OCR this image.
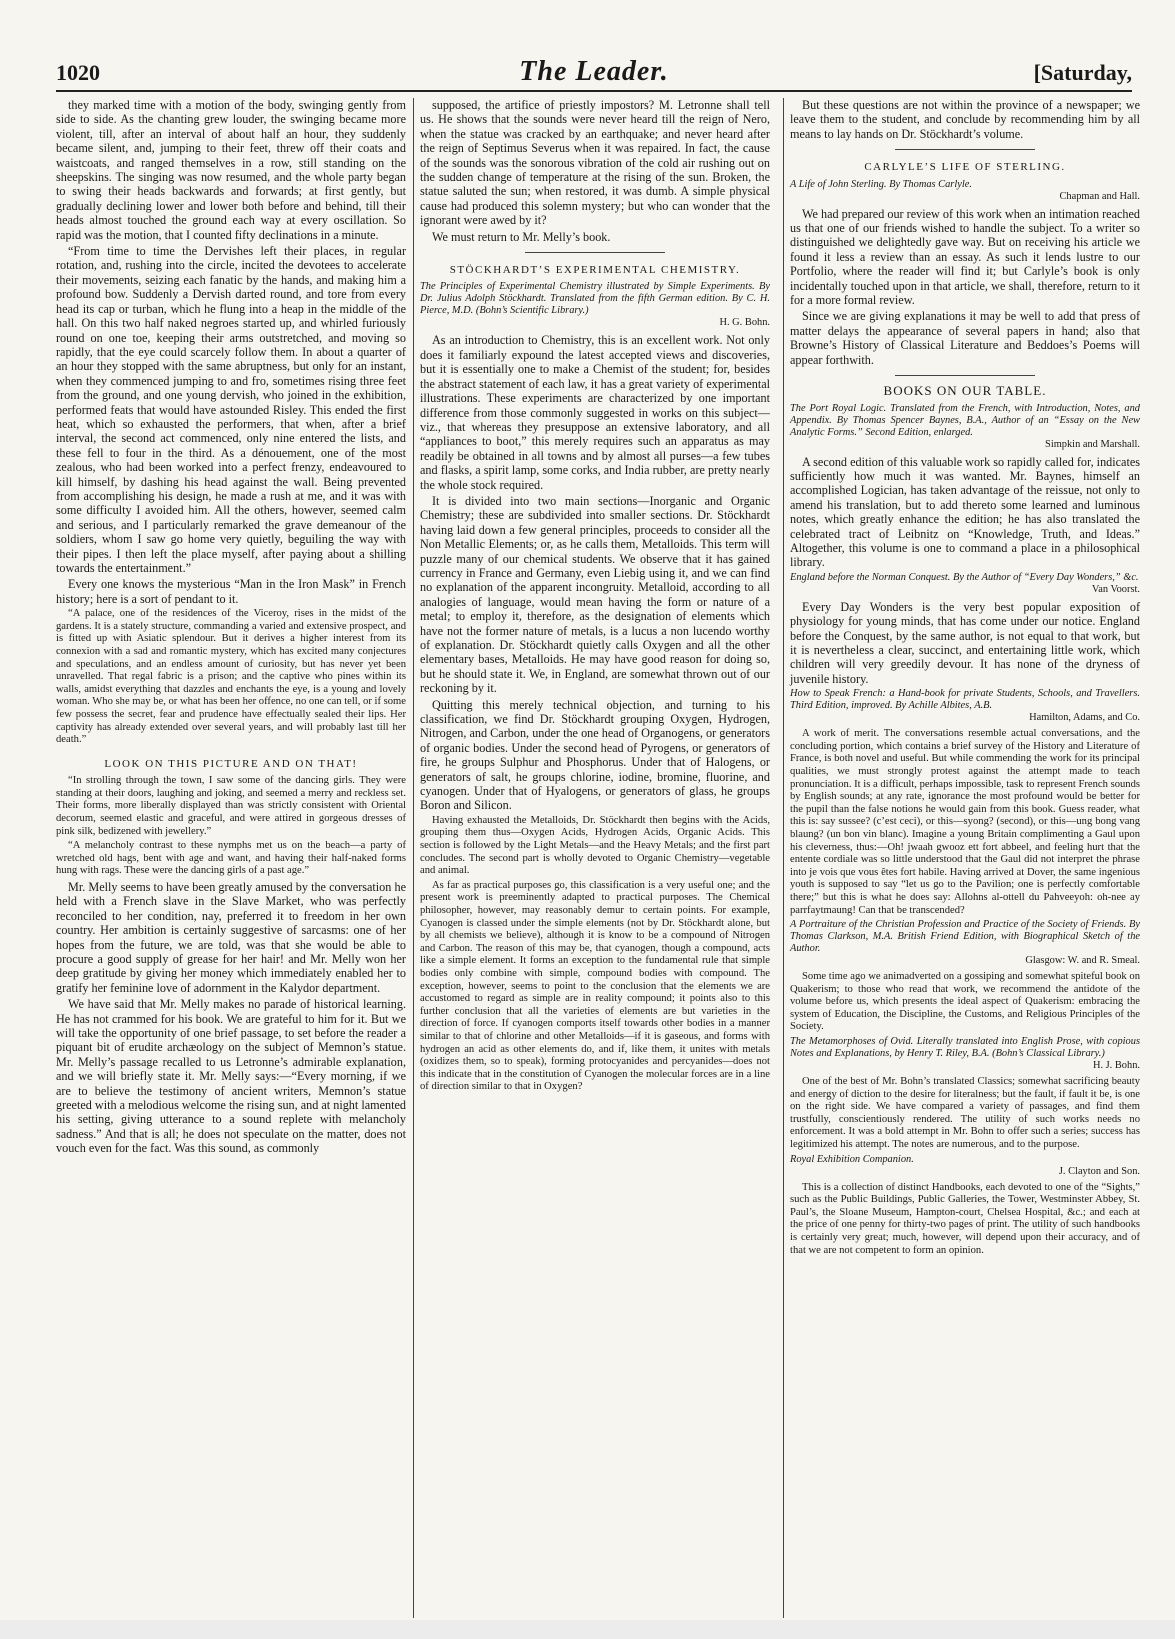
1020	The Leader.	[Saturday,

they marked time with a motion of the body, swinging gently from side to side. As the chanting grew louder, the swinging became more violent, till, after an interval of about half an hour, they suddenly became silent, and, jumping to their feet, threw off their coats and waistcoats, and ranged themselves in a row, still standing on the sheepskins. The singing was now resumed, and the whole party began to swing their heads backwards and forwards; at first gently, but gradually declining lower and lower both before and behind, till their heads almost touched the ground each way at every oscillation. So rapid was the motion, that I counted fifty declinations in a minute.

“From time to time the Dervishes left their places, in regular rotation, and, rushing into the circle, incited the devotees to accelerate their movements, seizing each fanatic by the hands, and making him a profound bow. Suddenly a Dervish darted round, and tore from every head its cap or turban, which he flung into a heap in the middle of the hall. On this two half naked negroes started up, and whirled furiously round on one toe, keeping their arms outstretched, and moving so rapidly, that the eye could scarcely follow them. In about a quarter of an hour they stopped with the same abruptness, but only for an instant, when they commenced jumping to and fro, sometimes rising three feet from the ground, and one young dervish, who joined in the exhibition, performed feats that would have astounded Risley. This ended the first heat, which so exhausted the performers, that when, after a brief interval, the second act commenced, only nine entered the lists, and these fell to four in the third. As a dénouement, one of the most zealous, who had been worked into a perfect frenzy, endeavoured to kill himself, by dashing his head against the wall. Being prevented from accomplishing his design, he made a rush at me, and it was with some difficulty I avoided him. All the others, however, seemed calm and serious, and I particularly remarked the grave demeanour of the soldiers, whom I saw go home very quietly, beguiling the way with their pipes. I then left the place myself, after paying about a shilling towards the entertainment.”

Every one knows the mysterious “Man in the Iron Mask” in French history; here is a sort of pendant to it.

“A palace, one of the residences of the Viceroy, rises in the midst of the gardens. It is a stately structure, commanding a varied and extensive prospect, and is fitted up with Asiatic splendour. But it derives a higher interest from its connexion with a sad and romantic mystery, which has excited many conjectures and speculations, and an endless amount of curiosity, but has never yet been unravelled. That regal fabric is a prison; and the captive who pines within its walls, amidst everything that dazzles and enchants the eye, is a young and lovely woman. Who she may be, or what has been her offence, no one can tell, or if some few possess the secret, fear and prudence have effectually sealed their lips. Her captivity has already extended over several years, and will probably last till her death.”

LOOK ON THIS PICTURE AND ON THAT!

“In strolling through the town, I saw some of the dancing girls. They were standing at their doors, laughing and joking, and seemed a merry and reckless set. Their forms, more liberally displayed than was strictly consistent with Oriental decorum, seemed elastic and graceful, and were attired in gorgeous dresses of pink silk, bedizened with jewellery.”

“A melancholy contrast to these nymphs met us on the beach—a party of wretched old hags, bent with age and want, and having their half-naked forms hung with rags. These were the dancing girls of a past age.”

Mr. Melly seems to have been greatly amused by the conversation he held with a French slave in the Slave Market, who was perfectly reconciled to her condition, nay, preferred it to freedom in her own country. Her ambition is certainly suggestive of sarcasms: one of her hopes from the future, we are told, was that she would be able to procure a good supply of grease for her hair! and Mr. Melly won her deep gratitude by giving her money which immediately enabled her to gratify her feminine love of adornment in the Kalydor department.

We have said that Mr. Melly makes no parade of historical learning. He has not crammed for his book. We are grateful to him for it. But we will take the opportunity of one brief passage, to set before the reader a piquant bit of erudite archæology on the subject of Memnon’s statue. Mr. Melly’s passage recalled to us Letronne’s admirable explanation, and we will briefly state it. Mr. Melly says:—“Every morning, if we are to believe the testimony of ancient writers, Memnon’s statue greeted with a melodious welcome the rising sun, and at night lamented his setting, giving utterance to a sound replete with melancholy sadness.” And that is all; he does not speculate on the matter, does not vouch even for the fact. Was this sound, as commonly

supposed, the artifice of priestly impostors? M. Letronne shall tell us. He shows that the sounds were never heard till the reign of Nero, when the statue was cracked by an earthquake; and never heard after the reign of Septimus Severus when it was repaired. In fact, the cause of the sounds was the sonorous vibration of the cold air rushing out on the sudden change of temperature at the rising of the sun. Broken, the statue saluted the sun; when restored, it was dumb. A simple physical cause had produced this solemn mystery; but who can wonder that the ignorant were awed by it?

We must return to Mr. Melly’s book.

STÖCKHARDT’S EXPERIMENTAL CHEMISTRY.

The Principles of Experimental Chemistry illustrated by Simple Experiments. By Dr. Julius Adolph Stöckhardt. Translated from the fifth German edition. By C. H. Pierce, M.D. (Bohn’s Scientific Library.)
H. G. Bohn.

As an introduction to Chemistry, this is an excellent work. Not only does it familiarly expound the latest accepted views and discoveries, but it is essentially one to make a Chemist of the student; for, besides the abstract statement of each law, it has a great variety of experimental illustrations. These experiments are characterized by one important difference from those commonly suggested in works on this subject—viz., that whereas they presuppose an extensive laboratory, and all “appliances to boot,” this merely requires such an apparatus as may readily be obtained in all towns and by almost all purses—a few tubes and flasks, a spirit lamp, some corks, and India rubber, are pretty nearly the whole stock required.

It is divided into two main sections—Inorganic and Organic Chemistry; these are subdivided into smaller sections. Dr. Stöckhardt having laid down a few general principles, proceeds to consider all the Non Metallic Elements; or, as he calls them, Metalloids. This term will puzzle many of our chemical students. We observe that it has gained currency in France and Germany, even Liebig using it, and we can find no explanation of the apparent incongruity. Metalloid, according to all analogies of language, would mean having the form or nature of a metal; to employ it, therefore, as the designation of elements which have not the former nature of metals, is a lucus a non lucendo worthy of explanation. Dr. Stöckhardt quietly calls Oxygen and all the other elementary bases, Metalloids. He may have good reason for doing so, but he should state it. We, in England, are somewhat thrown out of our reckoning by it.

Quitting this merely technical objection, and turning to his classification, we find Dr. Stöckhardt grouping Oxygen, Hydrogen, Nitrogen, and Carbon, under the one head of Organogens, or generators of organic bodies. Under the second head of Pyrogens, or generators of fire, he groups Sulphur and Phosphorus. Under that of Halogens, or generators of salt, he groups chlorine, iodine, bromine, fluorine, and cyanogen. Under that of Hyalogens, or generators of glass, he groups Boron and Silicon.

Having exhausted the Metalloids, Dr. Stöckhardt then begins with the Acids, grouping them thus—Oxygen Acids, Hydrogen Acids, Organic Acids. This section is followed by the Light Metals—and the Heavy Metals; and the first part concludes. The second part is wholly devoted to Organic Chemistry—vegetable and animal.

As far as practical purposes go, this classification is a very useful one; and the present work is preeminently adapted to practical purposes. The Chemical philosopher, however, may reasonably demur to certain points. For example, Cyanogen is classed under the simple elements (not by Dr. Stöckhardt alone, but by all chemists we believe), although it is know to be a compound of Nitrogen and Carbon. The reason of this may be, that cyanogen, though a compound, acts like a simple element. It forms an exception to the fundamental rule that simple bodies only combine with simple, compound bodies with compound. The exception, however, seems to point to the conclusion that the elements we are accustomed to regard as simple are in reality compound; it points also to this further conclusion that all the varieties of elements are but varieties in the direction of force. If cyanogen comports itself towards other bodies in a manner similar to that of chlorine and other Metalloids—if it is gaseous, and forms with hydrogen an acid as other elements do, and if, like them, it unites with metals (oxidizes them, so to speak), forming protocyanides and percyanides—does not this indicate that in the constitution of Cyanogen the molecular forces are in a line of direction similar to that in Oxygen?

But these questions are not within the province of a newspaper; we leave them to the student, and conclude by recommending him by all means to lay hands on Dr. Stöckhardt’s volume.

CARLYLE’S LIFE OF STERLING.

A Life of John Sterling. By Thomas Carlyle.
Chapman and Hall.

We had prepared our review of this work when an intimation reached us that one of our friends wished to handle the subject. To a writer so distinguished we delightedly gave way. But on receiving his article we found it less a review than an essay. As such it lends lustre to our Portfolio, where the reader will find it; but Carlyle’s book is only incidentally touched upon in that article, we shall, therefore, return to it for a more formal review.

Since we are giving explanations it may be well to add that press of matter delays the appearance of several papers in hand; also that Browne’s History of Classical Literature and Beddoes’s Poems will appear forthwith.

BOOKS ON OUR TABLE.

The Port Royal Logic. Translated from the French, with Introduction, Notes, and Appendix. By Thomas Spencer Baynes, B.A., Author of an “Essay on the New Analytic Forms.” Second Edition, enlarged.
Simpkin and Marshall.

A second edition of this valuable work so rapidly called for, indicates sufficiently how much it was wanted. Mr. Baynes, himself an accomplished Logician, has taken advantage of the reissue, not only to amend his translation, but to add thereto some learned and luminous notes, which greatly enhance the edition; he has also translated the celebrated tract of Leibnitz on “Knowledge, Truth, and Ideas.” Altogether, this volume is one to command a place in a philosophical library.

England before the Norman Conquest. By the Author of “Every Day Wonders,” &c.
Van Voorst.

Every Day Wonders is the very best popular exposition of physiology for young minds, that has come under our notice. England before the Conquest, by the same author, is not equal to that work, but it is nevertheless a clear, succinct, and entertaining little work, which children will very greedily devour. It has none of the dryness of juvenile history.

How to Speak French: a Hand-book for private Students, Schools, and Travellers. Third Edition, improved. By Achille Albites, A.B.
Hamilton, Adams, and Co.

A work of merit. The conversations resemble actual conversations, and the concluding portion, which contains a brief survey of the History and Literature of France, is both novel and useful. But while commending the work for its principal qualities, we must strongly protest against the attempt made to teach pronunciation. It is a difficult, perhaps impossible, task to represent French sounds by English sounds; at any rate, ignorance the most profound would be better for the pupil than the false notions he would gain from this book. Guess reader, what this is: say sussee? (c’est ceci), or this—syong? (second), or this—ung bong vang blaung? (un bon vin blanc). Imagine a young Britain complimenting a Gaul upon his cleverness, thus:—Oh! jwaah gwooz ett fort abbeel, and feeling hurt that the entente cordiale was so little understood that the Gaul did not interpret the phrase into je vois que vous êtes fort habile. Having arrived at Dover, the same ingenious youth is supposed to say “let us go to the Pavilion; one is perfectly comfortable there;” but this is what he does say: Allohns al-ottell du Pahveeyoh: oh-nee ay parrfaytmaung! Can that be transcended?

A Portraiture of the Christian Profession and Practice of the Society of Friends. By Thomas Clarkson, M.A. British Friend Edition, with Biographical Sketch of the Author.
Glasgow: W. and R. Smeal.

Some time ago we animadverted on a gossiping and somewhat spiteful book on Quakerism; to those who read that work, we recommend the antidote of the volume before us, which presents the ideal aspect of Quakerism: embracing the system of Education, the Discipline, the Customs, and Religious Principles of the Society.

The Metamorphoses of Ovid. Literally translated into English Prose, with copious Notes and Explanations, by Henry T. Riley, B.A. (Bohn’s Classical Library.)
H. J. Bohn.

One of the best of Mr. Bohn’s translated Classics; somewhat sacrificing beauty and energy of diction to the desire for literalness; but the fault, if fault it be, is one on the right side. We have compared a variety of passages, and find them trustfully, conscientiously rendered. The utility of such works needs no enforcement. It was a bold attempt in Mr. Bohn to offer such a series; success has legitimized his attempt. The notes are numerous, and to the purpose.

Royal Exhibition Companion.
J. Clayton and Son.

This is a collection of distinct Handbooks, each devoted to one of the “Sights,” such as the Public Buildings, Public Galleries, the Tower, Westminster Abbey, St. Paul’s, the Sloane Museum, Hampton-court, Chelsea Hospital, &c.; and each at the price of one penny for thirty-two pages of print. The utility of such handbooks is certainly very great; much, however, will depend upon their accuracy, and of that we are not competent to form an opinion.
